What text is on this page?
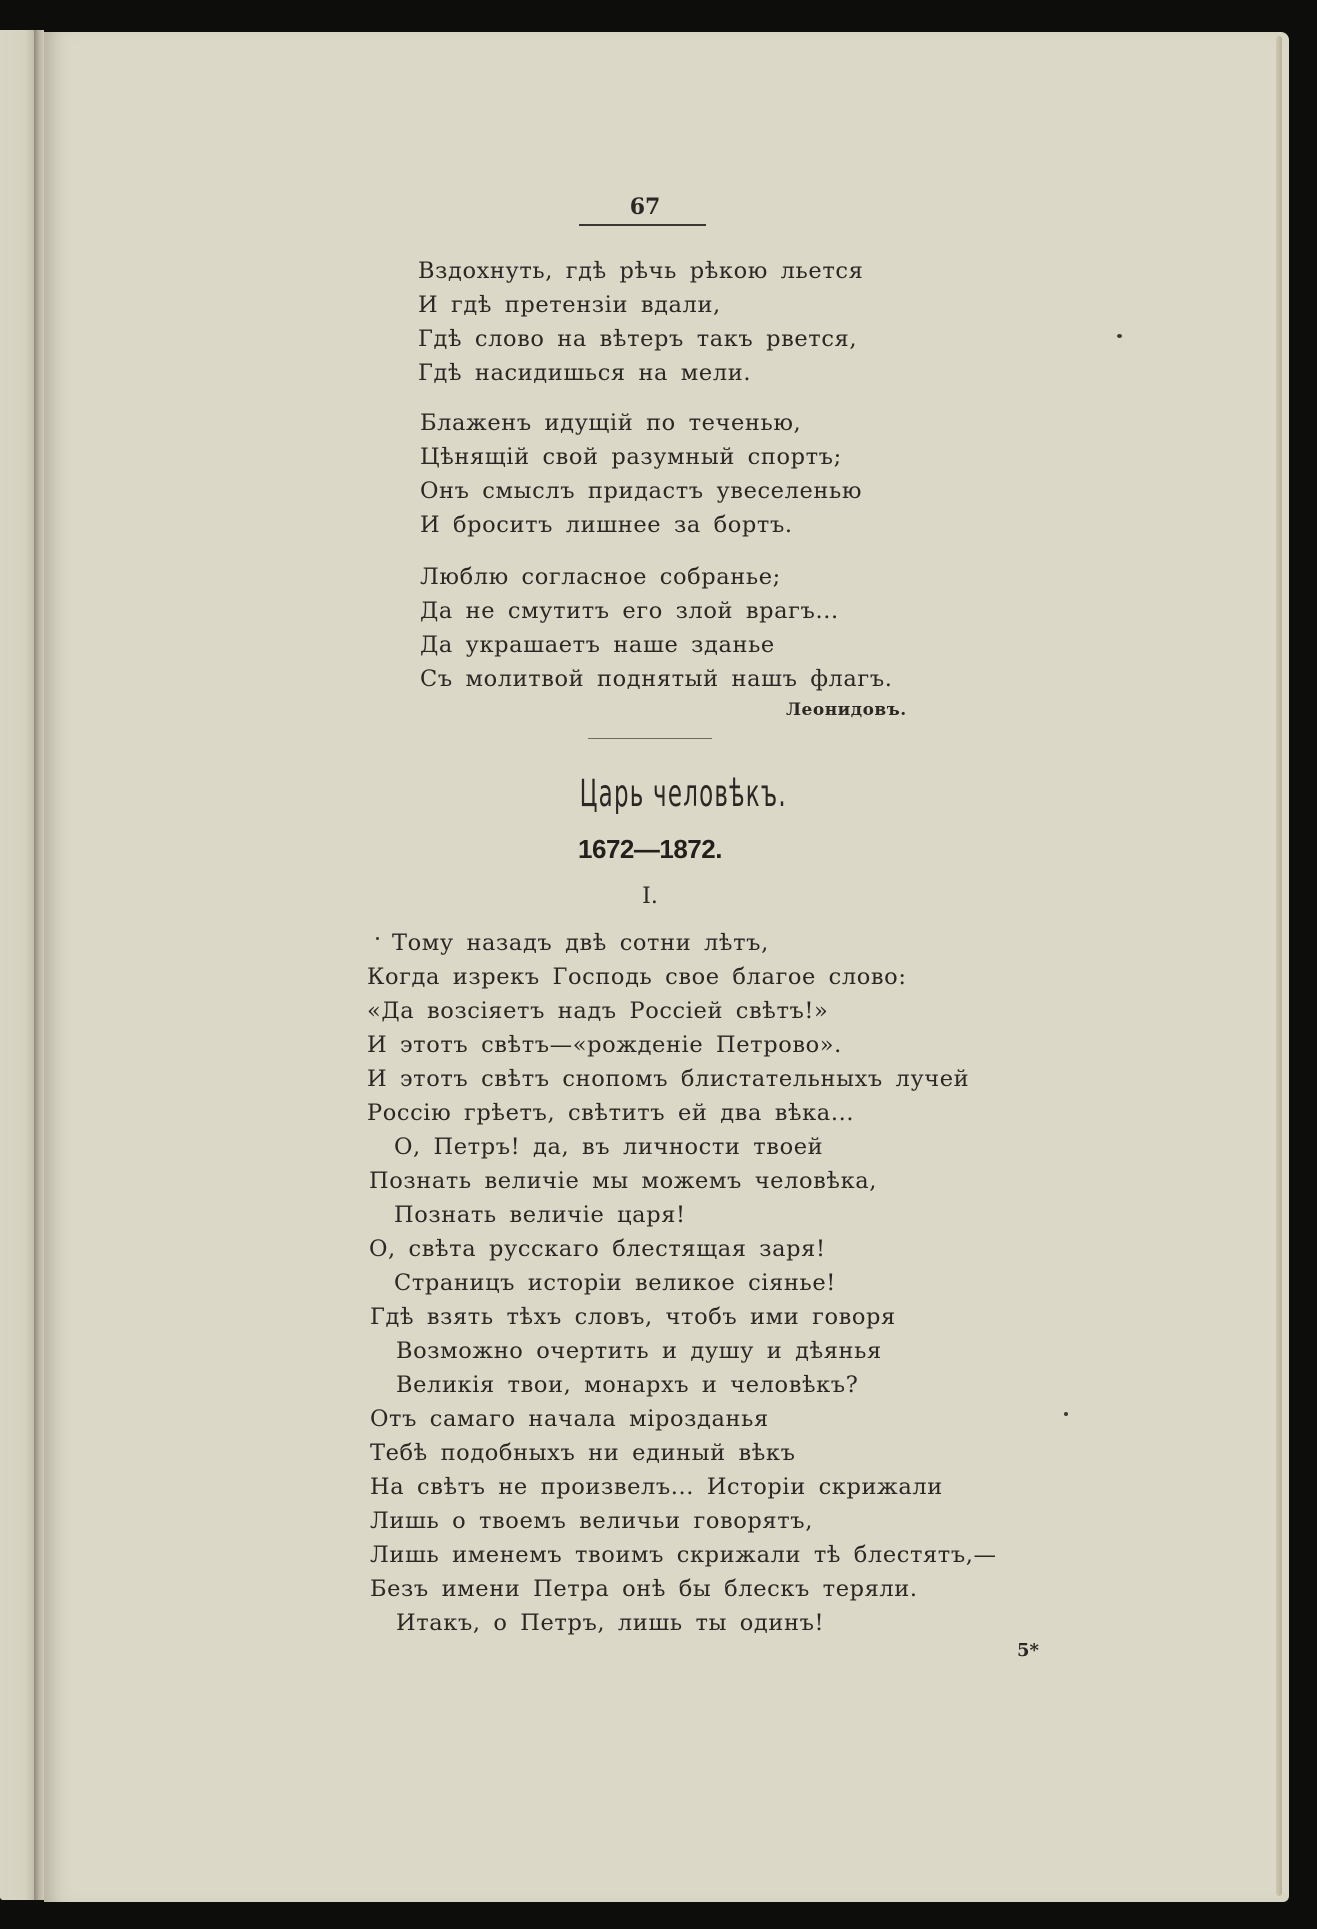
67
Вздохнуть, гдѣ рѣчь рѣкою льется
И гдѣ претензіи вдали,
Гдѣ слово на вѣтеръ такъ рвется,
Гдѣ насидишься на мели.
Блаженъ идущій по теченью,
Цѣнящій свой разумный спортъ;
Онъ смыслъ придастъ увеселенью
И броситъ лишнее за бортъ.
Люблю согласное собранье;
Да не смутитъ его злой врагъ...
Да украшаетъ наше зданье
Съ молитвой поднятый нашъ флагъ.
Леонидовъ.
Царь человѣкъ.
1672—1872.
I.
Тому назадъ двѣ сотни лѣтъ,
Когда изрекъ Господь свое благое слово:
«Да возсіяетъ надъ Россіей свѣтъ!»
И этотъ свѣтъ—«рожденіе Петрово».
И этотъ свѣтъ снопомъ блистательныхъ лучей
Россію грѣетъ, свѣтитъ ей два вѣка...
О, Петръ! да, въ личности твоей
Познать величіе мы можемъ человѣка,
Познать величіе царя!
О, свѣта русскаго блестящая заря!
Страницъ исторіи великое сіянье!
Гдѣ взять тѣхъ словъ, чтобъ ими говоря
Возможно очертить и душу и дѣянья
Великія твои, монархъ и человѣкъ?
Отъ самаго начала мірозданья
Тебѣ подобныхъ ни единый вѣкъ
На свѣтъ не произвелъ... Исторіи скрижали
Лишь о твоемъ величьи говорятъ,
Лишь именемъ твоимъ скрижали тѣ блестятъ,—
Безъ имени Петра онѣ бы блескъ теряли.
Итакъ, о Петръ, лишь ты одинъ!
5*
